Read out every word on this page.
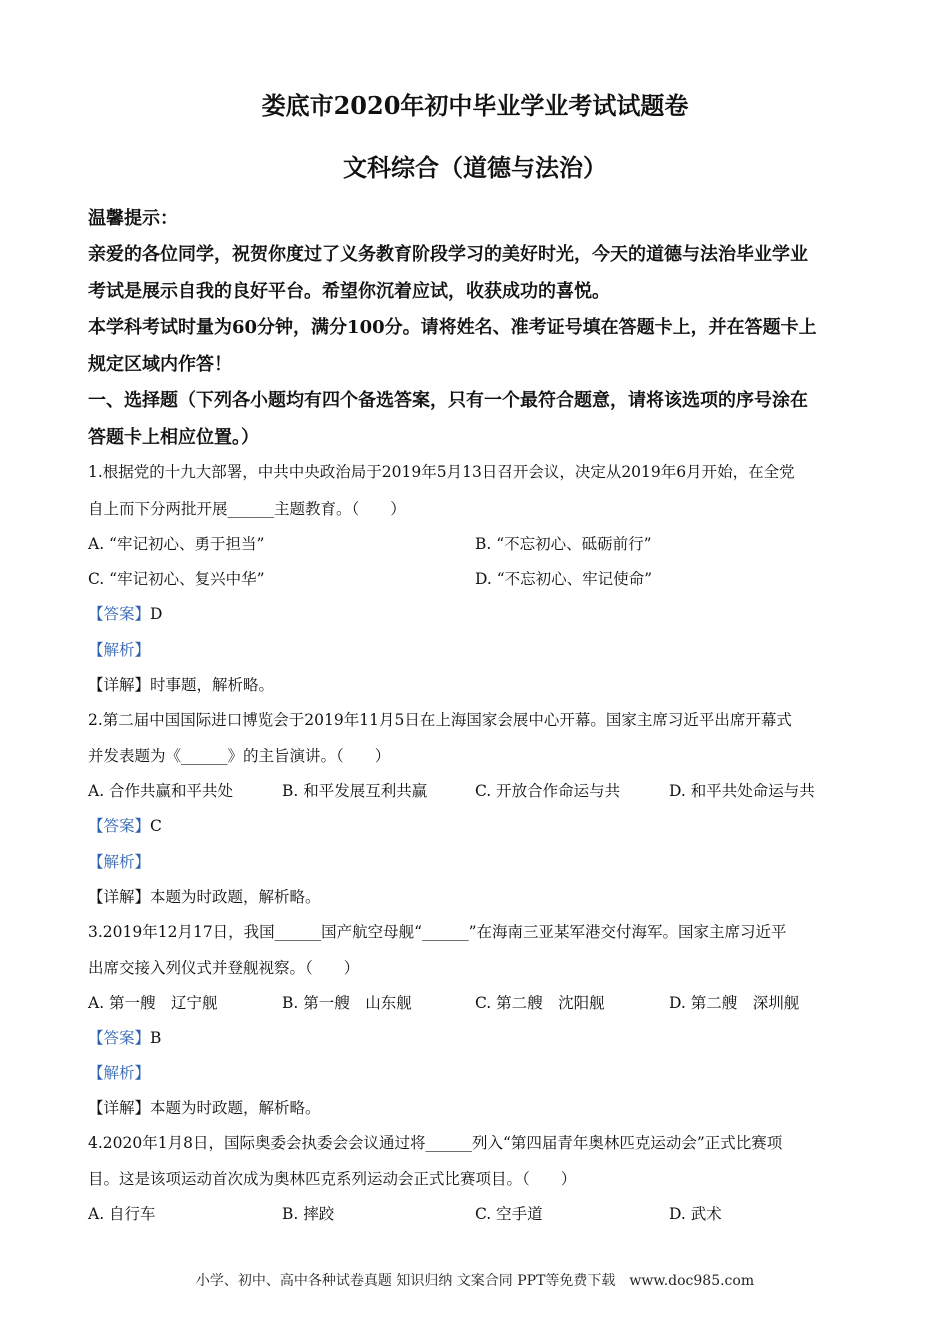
娄底市2020年初中毕业学业考试试题卷
文科综合（道德与法治）
温馨提示：
亲爱的各位同学，祝贺你度过了义务教育阶段学习的美好时光，今天的道德与法治毕业学业
考试是展示自我的良好平台。希望你沉着应试，收获成功的喜悦。
本学科考试时量为60分钟，满分100分。请将姓名、准考证号填在答题卡上，并在答题卡上
规定区域内作答！
一、选择题（下列各小题均有四个备选答案，只有一个最符合题意，请将该选项的序号涂在
答题卡上相应位置。）
1.根据党的十九大部署，中共中央政治局于2019年5月13日召开会议，决定从2019年6月开始，在全党
自上而下分两批开展______主题教育。（　　）
A. “牢记初心、勇于担当”	B. “不忘初心、砥砺前行”
C. “牢记初心、复兴中华”	D. “不忘初心、牢记使命”
【答案】D
【解析】
【详解】时事题，解析略。
2.第二届中国国际进口博览会于2019年11月5日在上海国家会展中心开幕。国家主席习近平出席开幕式
并发表题为《______》的主旨演讲。（　　）
A. 合作共赢和平共处	B. 和平发展互利共赢	C. 开放合作命运与共	D. 和平共处命运与共
【答案】C
【解析】
【详解】本题为时政题，解析略。
3.2019年12月17日，我国______国产航空母舰“______”在海南三亚某军港交付海军。国家主席习近平
出席交接入列仪式并登舰视察。（　　）
A. 第一艘　辽宁舰	B. 第一艘　山东舰	C. 第二艘　沈阳舰	D. 第二艘　深圳舰
【答案】B
【解析】
【详解】本题为时政题，解析略。
4.2020年1月8日，国际奥委会执委会会议通过将______列入“第四届青年奥林匹克运动会”正式比赛项
目。这是该项运动首次成为奥林匹克系列运动会正式比赛项目。（　　）
A. 自行车	B. 摔跤	C. 空手道	D. 武术
小学、初中、高中各种试卷真题 知识归纳 文案合同 PPT等免费下载　www.doc985.com
